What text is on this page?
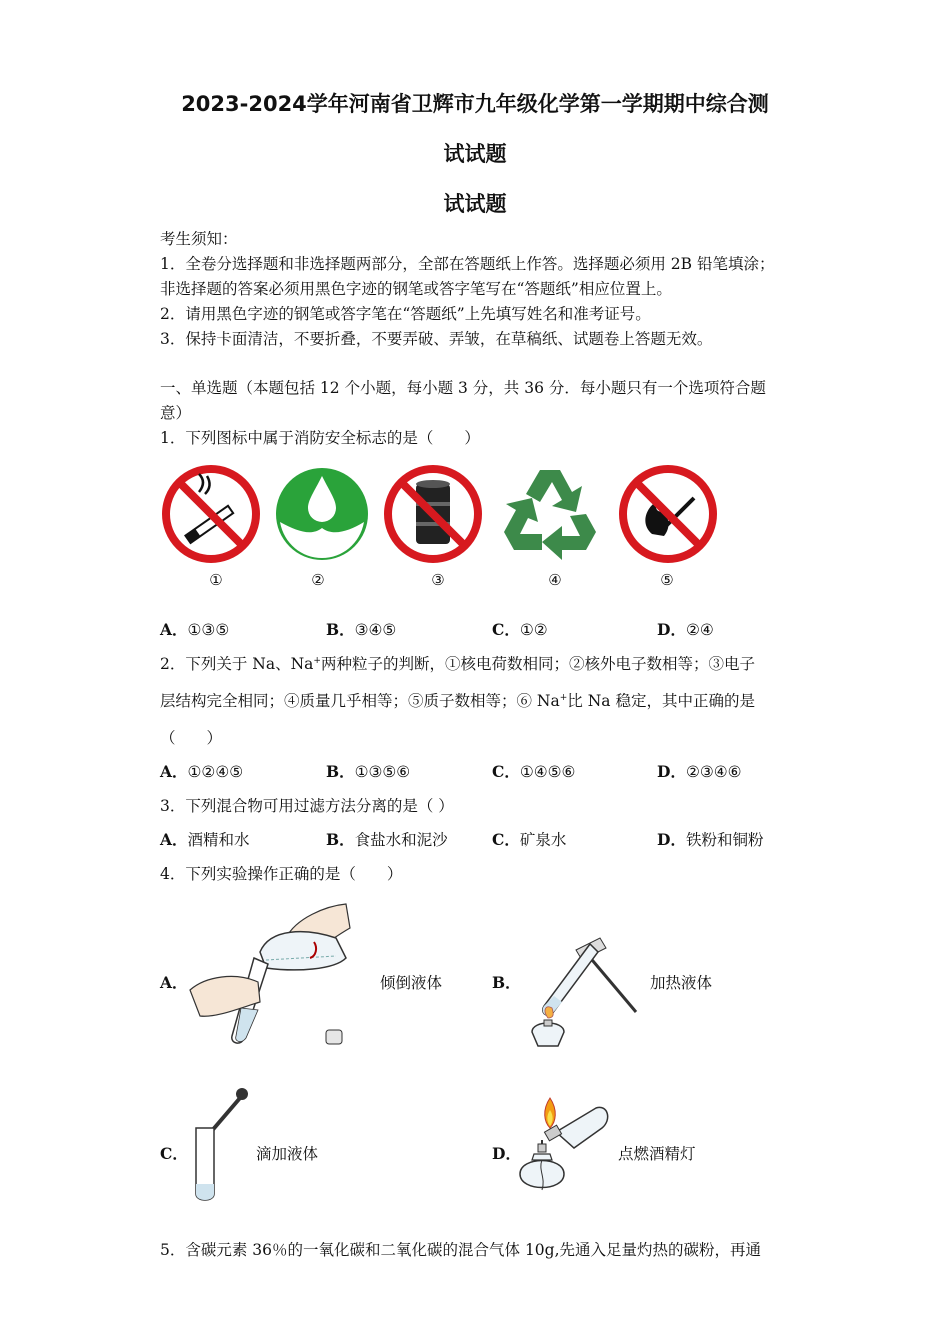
2023-2024学年河南省卫辉市九年级化学第一学期期中综合测
试试题
试试题
考生须知：
1．全卷分选择题和非选择题两部分，全部在答题纸上作答。选择题必须用 2B 铅笔填涂；
非选择题的答案必须用黑色字迹的钢笔或答字笔写在“答题纸”相应位置上。
2．请用黑色字迹的钢笔或答字笔在“答题纸”上先填写姓名和准考证号。
3．保持卡面清洁，不要折叠，不要弄破、弄皱，在草稿纸、试题卷上答题无效。
一、单选题（本题包括 12 个小题，每小题 3 分，共 36 分．每小题只有一个选项符合题
意）
1．下列图标中属于消防安全标志的是（　　）
①	②	③	④	⑤
A．①③⑤	B．③④⑤	C．①②	D．②④
2．下列关于 Na、Na+两种粒子的判断，①核电荷数相同；②核外电子数相等；③电子
层结构完全相同；④质量几乎相等；⑤质子数相等；⑥ Na+比 Na 稳定，其中正确的是
（　　）
A．①②④⑤	B．①③⑤⑥	C．①④⑤⑥	D．②③④⑥
3．下列混合物可用过滤方法分离的是（ ）
A．酒精和水	B．食盐水和泥沙	C．矿泉水	D．铁粉和铜粉
4．下列实验操作正确的是（　　）
A．	倾倒液体	B．	加热液体
C．	滴加液体	D．	点燃酒精灯
5．含碳元素 36％的一氧化碳和二氧化碳的混合气体 10g,先通入足量灼热的碳粉，再通
